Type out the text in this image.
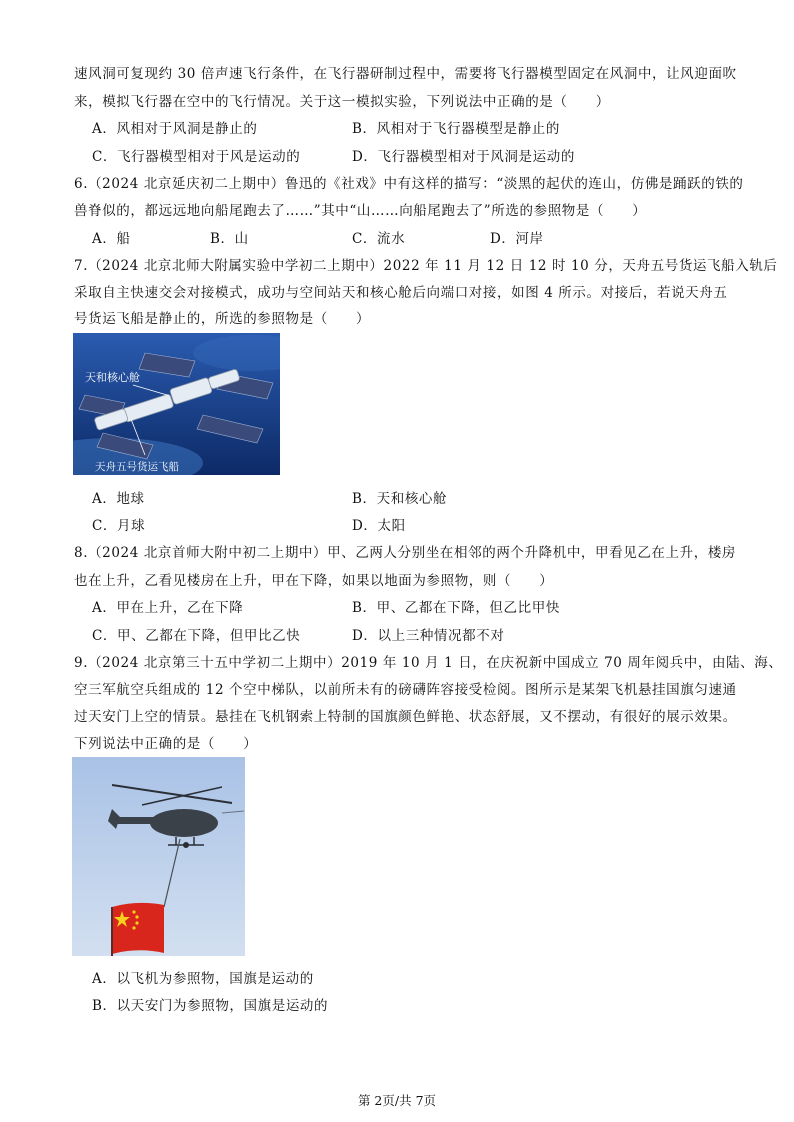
速风洞可复现约 30 倍声速飞行条件，在飞行器研制过程中，需要将飞行器模型固定在风洞中，让风迎面吹
来，模拟飞行器在空中的飞行情况。关于这一模拟实验，下列说法中正确的是（　　）
A．风相对于风洞是静止的	B．风相对于飞行器模型是静止的
C．飞行器模型相对于风是运动的	D．飞行器模型相对于风洞是运动的
6.（2024 北京延庆初二上期中）鲁迅的《社戏》中有这样的描写：“淡黑的起伏的连山，仿佛是踊跃的铁的
兽脊似的，都远远地向船尾跑去了……”其中“山……向船尾跑去了”所选的参照物是（　　）
A．船	B．山	C．流水	D．河岸
7.（2024 北京北师大附属实验中学初二上期中）2022 年 11 月 12 日 12 时 10 分，天舟五号货运飞船入轨后
采取自主快速交会对接模式，成功与空间站天和核心舱后向端口对接，如图 4 所示。对接后，若说天舟五
号货运飞船是静止的，所选的参照物是（　　）
天和核心舱
天舟五号货运飞船
A．地球	B．天和核心舱
C．月球	D．太阳
8.（2024 北京首师大附中初二上期中）甲、乙两人分别坐在相邻的两个升降机中，甲看见乙在上升，楼房
也在上升，乙看见楼房在上升，甲在下降，如果以地面为参照物，则（　　）
A．甲在上升，乙在下降	B．甲、乙都在下降，但乙比甲快
C．甲、乙都在下降，但甲比乙快	D．以上三种情况都不对
9.（2024 北京第三十五中学初二上期中）2019 年 10 月 1 日，在庆祝新中国成立 70 周年阅兵中，由陆、海、
空三军航空兵组成的 12 个空中梯队，以前所未有的磅礴阵容接受检阅。图所示是某架飞机悬挂国旗匀速通
过天安门上空的情景。悬挂在飞机钢索上特制的国旗颜色鲜艳、状态舒展，又不摆动，有很好的展示效果。
下列说法中正确的是（　　）
A．以飞机为参照物，国旗是运动的
B．以天安门为参照物，国旗是运动的
第 2页/共 7页
